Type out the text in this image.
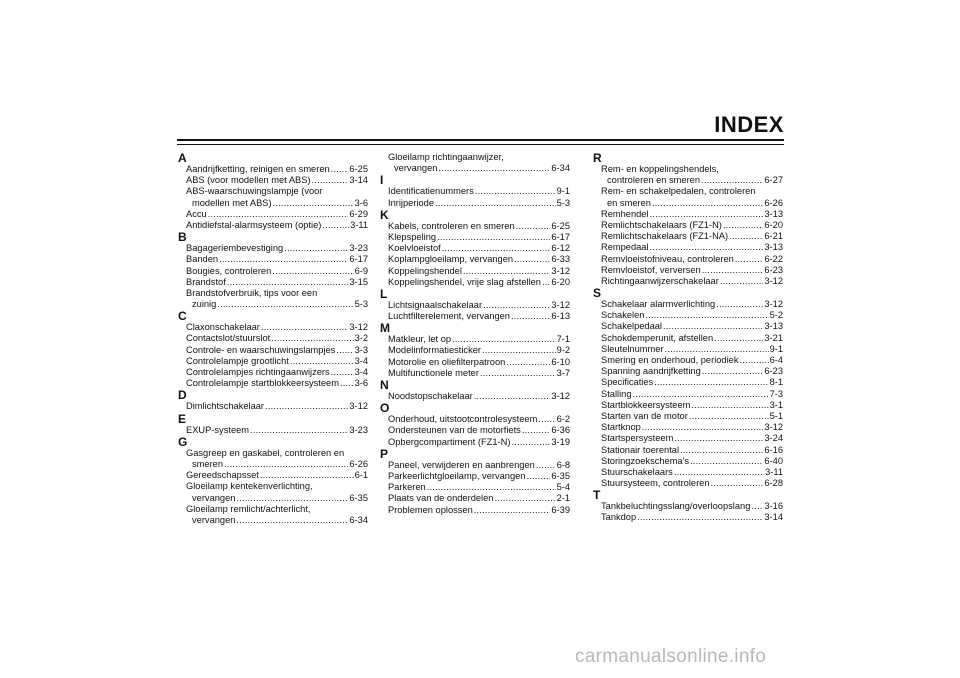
INDEX
A
Aandrijfketting, reinigen en smeren ..... 6-25
ABS (voor modellen met ABS) .....	3-14
ABS-waarschuwingslampje (voor
modellen met ABS) .....	3-6
Accu .....	6-29
Antidiefstal-alarmsysteem (optie) .....	3-11
B
Bagageriembevestiging .....	3-23
Banden .....	6-17
Bougies, controleren .....	6-9
Brandstof .....	3-15
Brandstofverbruik, tips voor een
zuinig .....	5-3
C
Claxonschakelaar .....	3-12
Contactslot/stuurslot .....	3-2
Controle- en waarschuwingslampjes ..... 3-3
Controlelampje grootlicht .....	3-4
Controlelampjes richtingaanwijzers .....	3-4
Controlelampje startblokkeersysteem ..... 3-6
D
Dimlichtschakelaar .....	3-12
E
EXUP-systeem .....	3-23
G
Gasgreep en gaskabel, controleren en
smeren .....	6-26
Gereedschapsset .....	6-1
Gloeilamp kentekenverlichting,
vervangen .....	6-35
Gloeilamp remlicht/achterlicht,
vervangen .....	6-34
Gloeilamp richtingaanwijzer,
vervangen .....	6-34
I
Identificatienummers .....	9-1
Inrijperiode .....	5-3
K
Kabels, controleren en smeren .....	6-25
Klepspeling .....	6-17
Koelvloeistof .....	6-12
Koplampgloeilamp, vervangen .....	6-33
Koppelingshendel .....	3-12
Koppelingshendel, vrije slag afstellen ..... 6-20
L
Lichtsignaalschakelaar .....	3-12
Luchtfilterelement, vervangen .....	6-13
M
Matkleur, let op .....	7-1
Modelinformatiesticker .....	9-2
Motorolie en oliefilterpatroon .....	6-10
Multifunctionele meter .....	3-7
N
Noodstopschakelaar .....	3-12
O
Onderhoud, uitstootcontrolesysteem ..... 6-2
Ondersteunen van de motorfiets .....	6-36
Opbergcompartiment (FZ1-N) .....	3-19
P
Paneel, verwijderen en aanbrengen ..... 6-8
Parkeerlichtgloeilamp, vervangen .....	6-35
Parkeren .....	5-4
Plaats van de onderdelen .....	2-1
Problemen oplossen .....	6-39
R
Rem- en koppelingshendels,
controleren en smeren .....	6-27
Rem- en schakelpedalen, controleren
en smeren .....	6-26
Remhendel .....	3-13
Remlichtschakelaars (FZ1-N) .....	6-20
Remlichtschakelaars (FZ1-NA) .....	6-21
Rempedaal .....	3-13
Remvloeistofniveau, controleren .....	6-22
Remvloeistof, verversen .....	6-23
Richtingaanwijzerschakelaar .....	3-12
S
Schakelaar alarmverlichting .....	3-12
Schakelen .....	5-2
Schakelpedaal .....	3-13
Schokdemperunit, afstellen .....	3-21
Sleutelnummer .....	9-1
Smering en onderhoud, periodiek .....	6-4
Spanning aandrijfketting .....	6-23
Specificaties .....	8-1
Stalling .....	7-3
Startblokkeersysteem .....	3-1
Starten van de motor .....	5-1
Startknop .....	3-12
Startspersysteem .....	3-24
Stationair toerental .....	6-16
Storingzoekschema's .....	6-40
Stuurschakelaars .....	3-11
Stuursysteem, controleren .....	6-28
T
Tankbeluchtingsslang/overloopslang ..... 3-16
Tankdop .....	3-14
carmanualsonline.info
